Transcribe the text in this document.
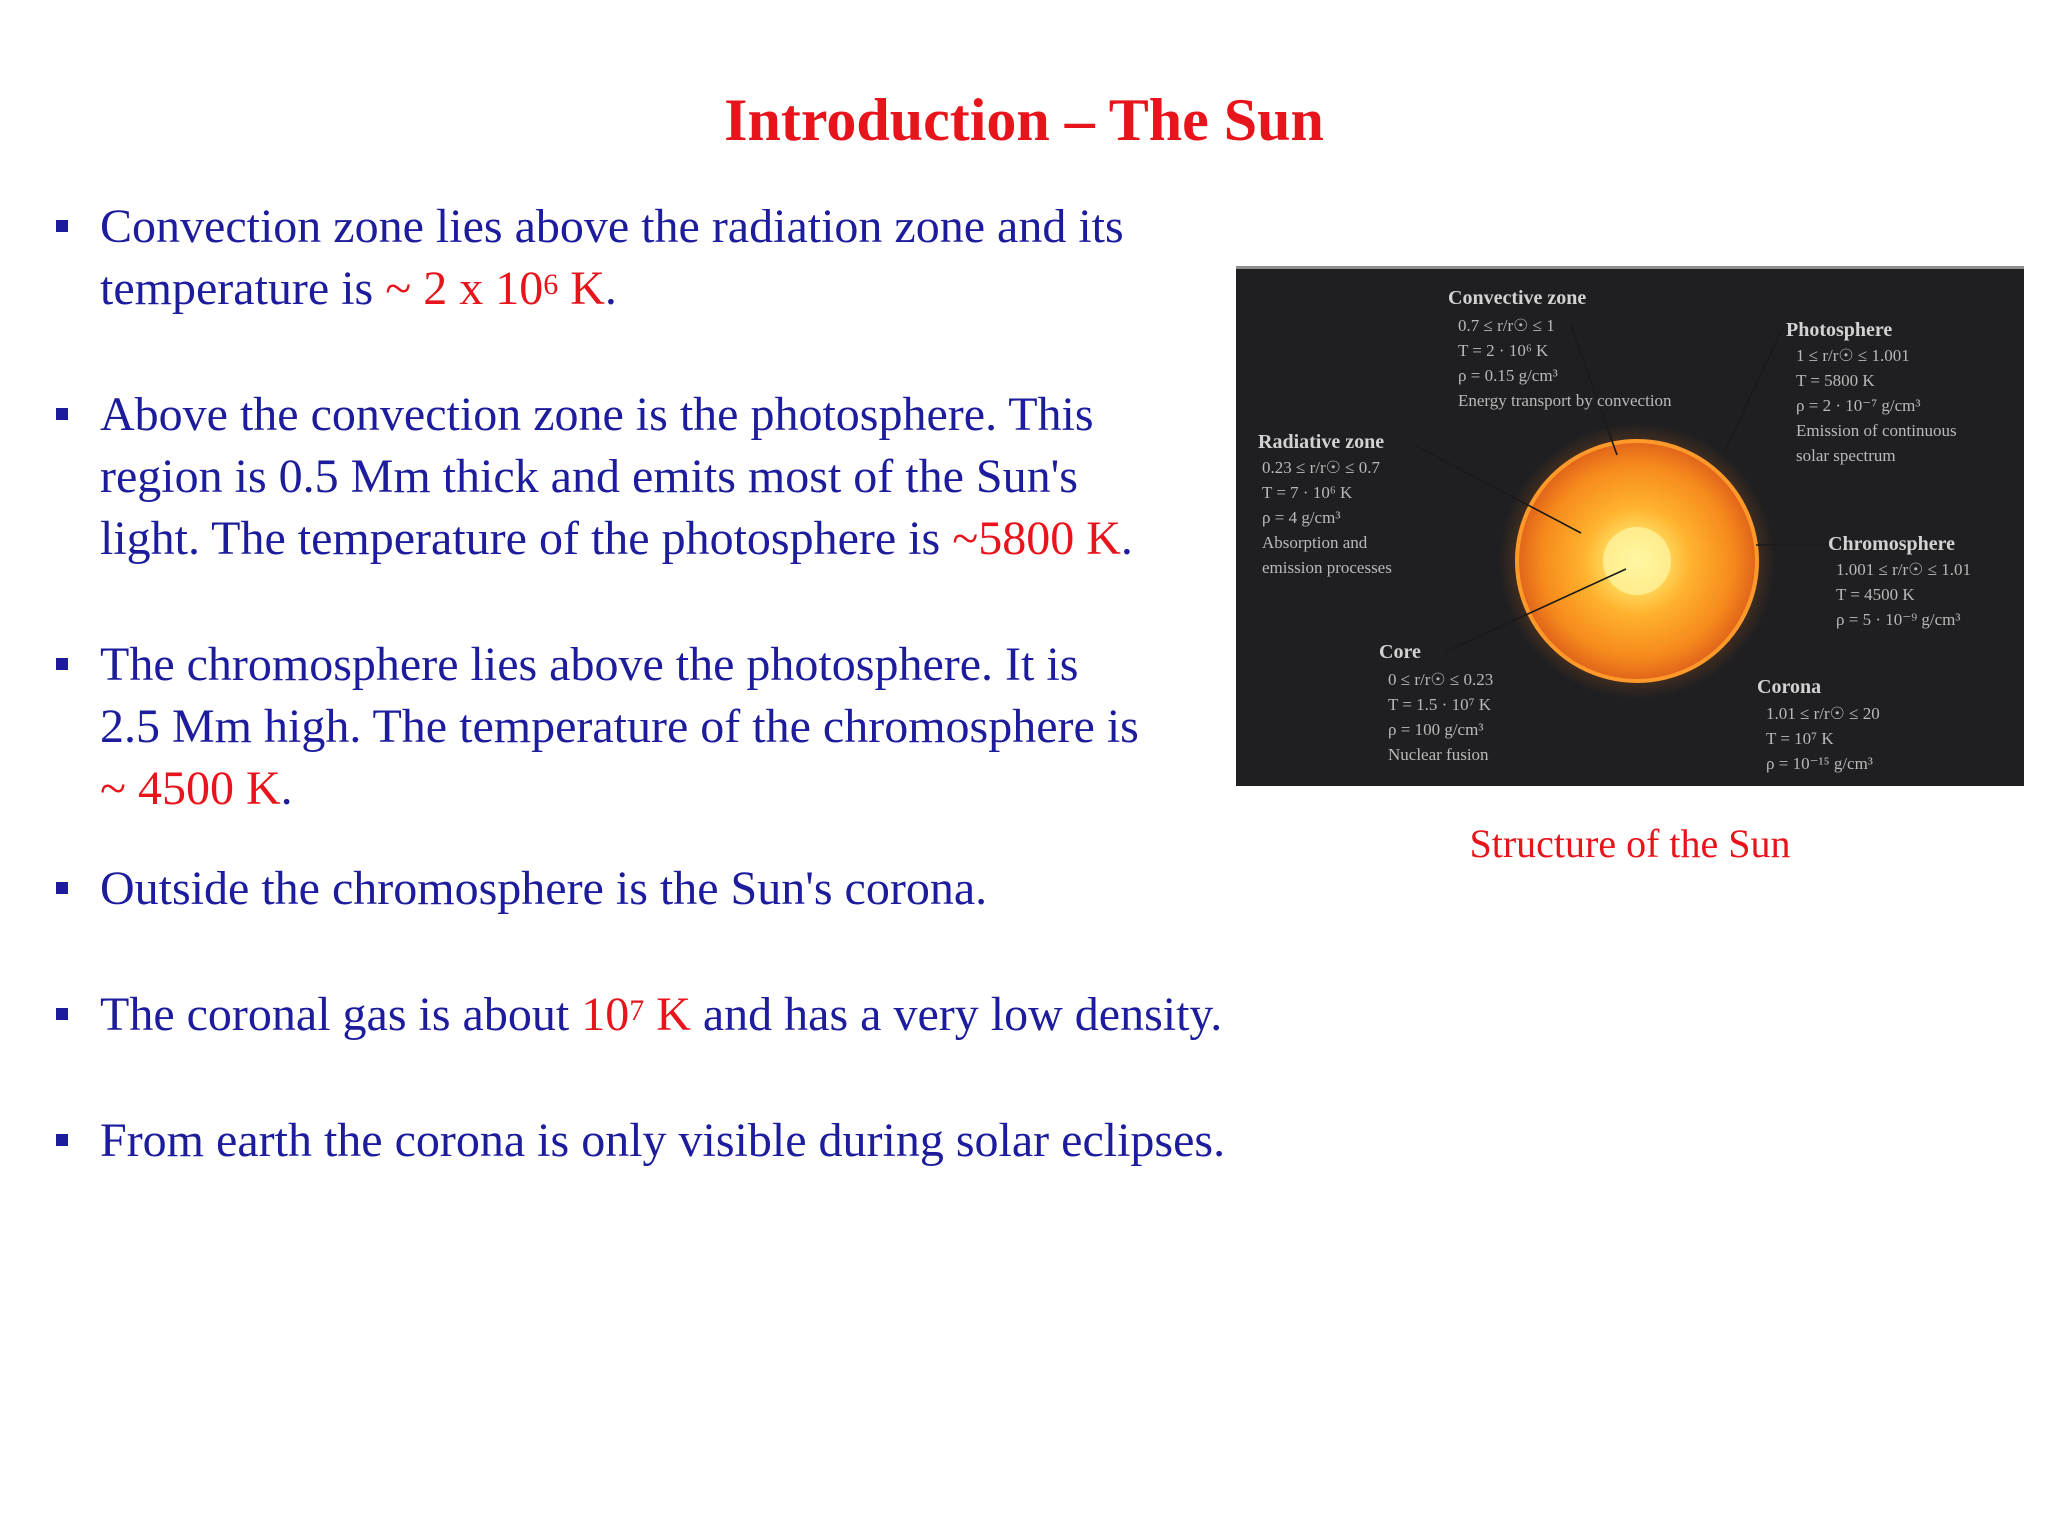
Introduction – The Sun
Convection zone lies above the radiation zone and its
temperature is ~ 2 x $10^6$ K.
Above the convection zone is the photosphere. This
region is 0.5 Mm thick and emits most of the Sun's
light. The temperature of the photosphere is ~5800 K.
The chromosphere lies above the photosphere. It is
2.5 Mm high. The temperature of the chromosphere is
~ 4500 K.
Outside the chromosphere is the Sun's corona.
The coronal gas is about $10^7$ K and has a very low density.
From earth the corona is only visible during solar eclipses.
Convective zone
0.7 ≤ r/r☉ ≤ 1
T = 2 · 10⁶ K
ρ = 0.15 g/cm³
Energy transport by convection
Photosphere
1 ≤ r/r☉ ≤ 1.001
T = 5800 K
ρ = 2 · 10⁻⁷ g/cm³
Emission of continuous
solar spectrum
Radiative zone
0.23 ≤ r/r☉ ≤ 0.7
T = 7 · 10⁶ K
ρ = 4 g/cm³
Absorption and
emission processes
Chromosphere
1.001 ≤ r/r☉ ≤ 1.01
T = 4500 K
ρ = 5 · 10⁻⁹ g/cm³
Core
0 ≤ r/r☉ ≤ 0.23
T = 1.5 · 10⁷ K
ρ = 100 g/cm³
Nuclear fusion
Corona
1.01 ≤ r/r☉ ≤ 20
T = 10⁷ K
ρ = 10⁻¹⁵ g/cm³
Structure of the Sun
